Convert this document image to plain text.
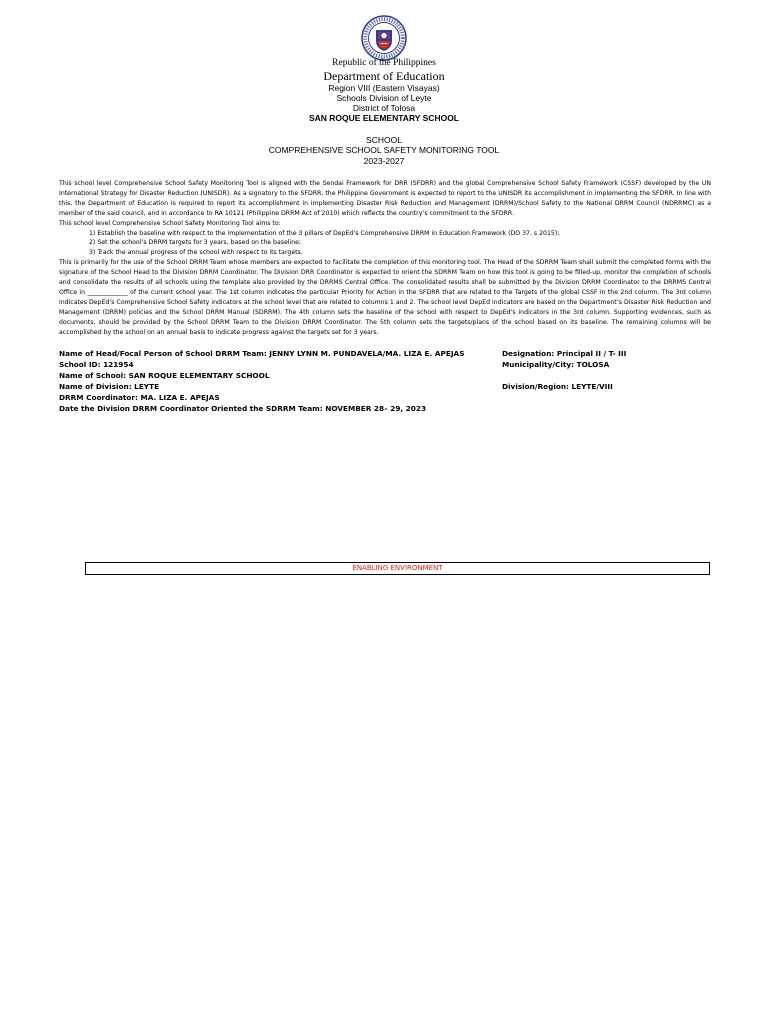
Republic of the Philippines
Department of Education
Region VIII (Eastern Visayas)
Schools Division of Leyte
District of Tolosa
SAN ROQUE ELEMENTARY SCHOOL
SCHOOL
COMPREHENSIVE SCHOOL SAFETY MONITORING TOOL
2023-2027

This school level Comprehensive School Safety Monitoring Tool is aligned with the Sendai Framework for DRR (SFDRR) and the global Comprehensive School Safety Framework (CSSF) developed by the UN International Strategy for Disaster Reduction (UNISDR). As a signatory to the SFDRR, the Philippine Government is expected to report to the UNISDR its accomplishment in implementing the SFDRR. In line with this, the Department of Education is required to report its accomplishment in implementing Disaster Risk Reduction and Management (DRRM)/School Safety to the National DRRM Council (NDRRMC) as a member of the said council, and in accordance to RA 10121 (Philippine DRRM Act of 2010) which reflects the country’s commitment to the SFDRR.

This school level Comprehensive School Safety Monitoring Tool aims to:

1) Establish the baseline with respect to the implementation of the 3 pillars of DepEd’s Comprehensive DRRM in Education Framework (DO 37, s 2015);

2) Set the school’s DRRM targets for 3 years, based on the baseline;

3) Track the annual progress of the school with respect to its targets.

This is primarily for the use of the School DRRM Team whose members are expected to facilitate the completion of this monitoring tool. The Head of the SDRRM Team shall submit the completed forms with the signature of the School Head to the Division DRRM Coordinator. The Division DRR Coordinator is expected to orient the SDRRM Team on how this tool is going to be filled-up, monitor the completion of schools and consolidate the results of all schools using the template also provided by the DRRMS Central Office. The consolidated results shall be submitted by the Division DRRM Coordinator to the DRRMS Central Office in _____________ of the current school year. The 1st column indicates the particular Priority for Action in the SFDRR that are related to the Targets of the global CSSF in the 2nd column. The 3rd column indicates DepEd’s Comprehensive School Safety indicators at the school level that are related to columns 1 and 2. The school level DepEd indicators are based on the Department’s Disaster Risk Reduction and Management (DRRM) policies and the School DRRM Manual (SDRRM). The 4th column sets the baseline of the school with respect to DepEd’s indicators in the 3rd column. Supporting evidences, such as documents, should be provided by the School DRRM Team to the Division DRRM Coordinator. The 5th column sets the targets/plans of the school based on its baseline. The remaining columns will be accomplished by the school on an annual basis to indicate progress against the targets set for 3 years.

Name of Head/Focal Person of School DRRM Team: JENNY LYNN M. PUNDAVELA/MA. LIZA E. APEJAS
School ID: 121954
Name of School: SAN ROQUE ELEMENTARY SCHOOL
Name of Division: LEYTE
DRRM Coordinator: MA. LIZA E. APEJAS
Date the Division DRRM Coordinator Oriented the SDRRM Team: NOVEMBER 28– 29, 2023
Designation: Principal II / T- III
Municipality/City: TOLOSA
Division/Region: LEYTE/VIII
ENABLING ENVIRONMENT
